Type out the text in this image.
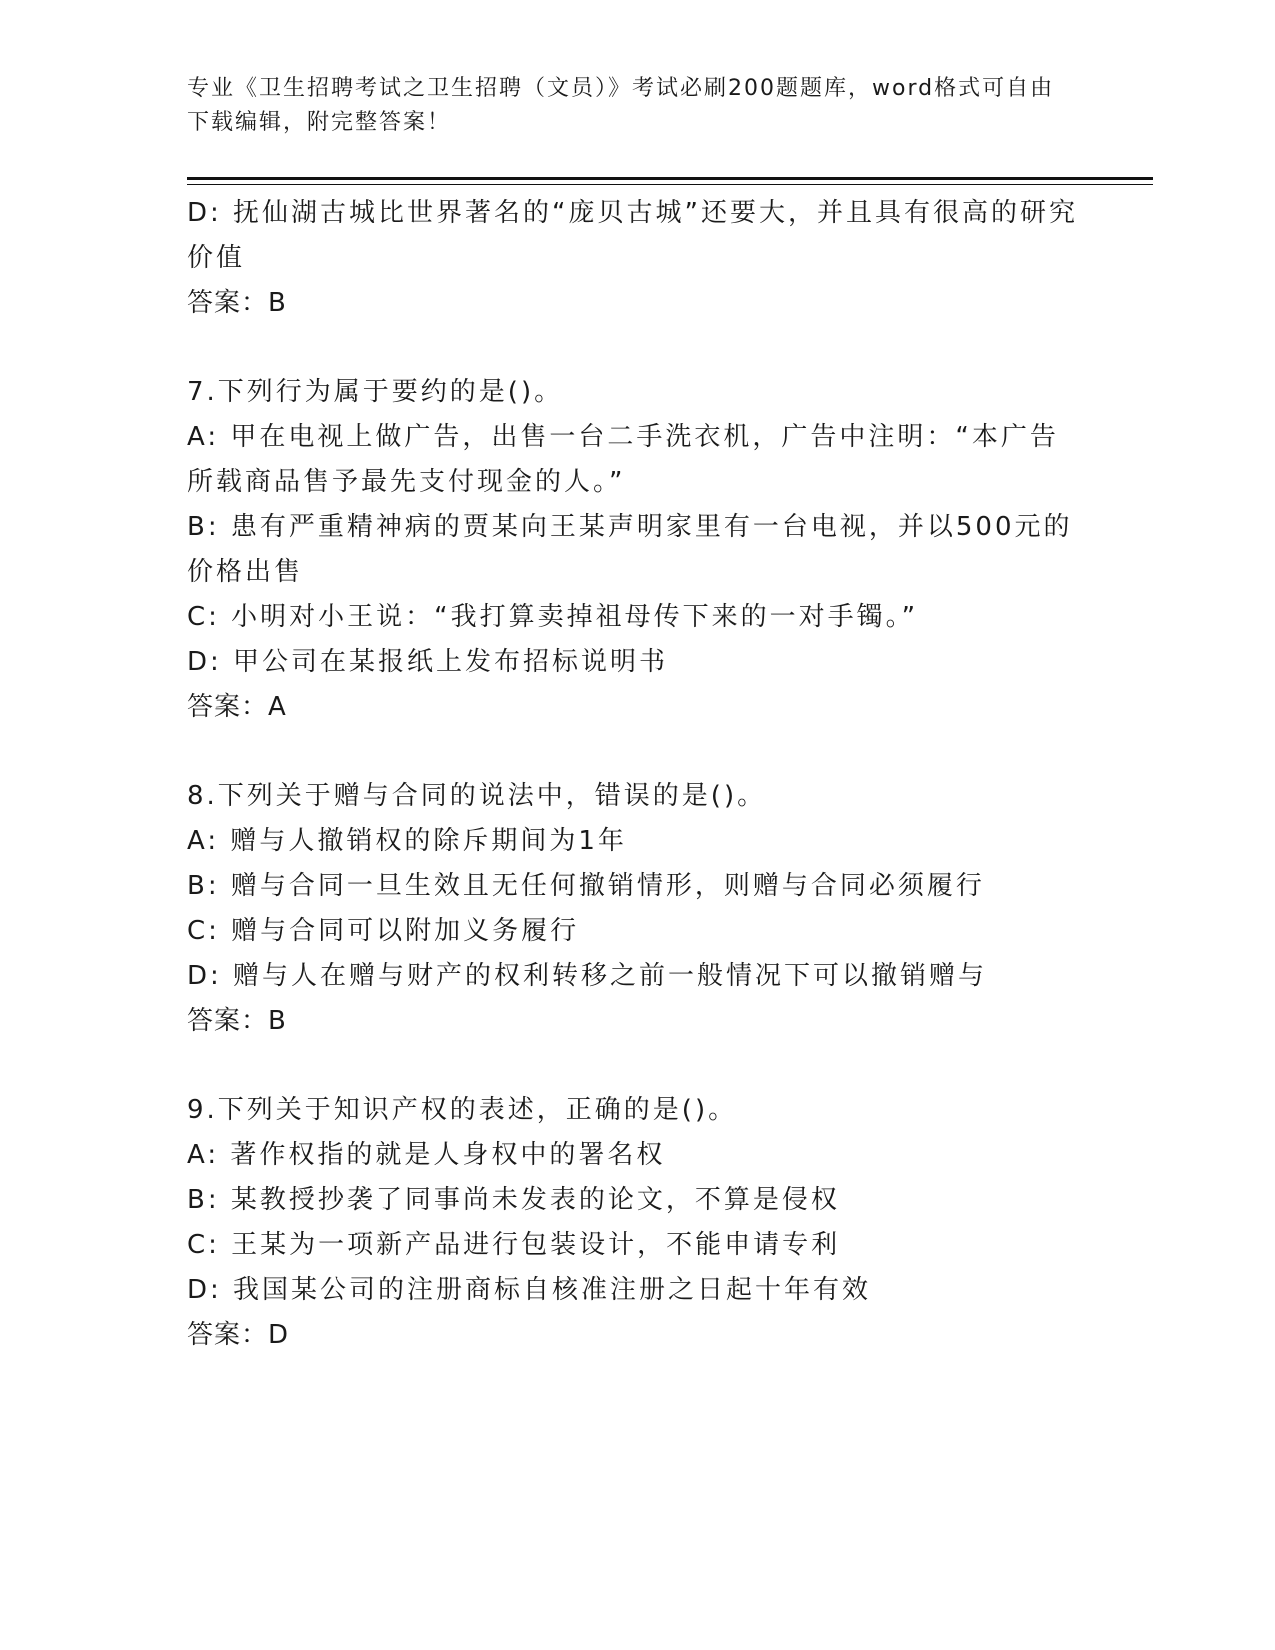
专业《卫生招聘考试之卫生招聘（文员）》考试必刷200题题库，word格式可自由下载编辑，附完整答案！
D: 抚仙湖古城比世界著名的“庞贝古城”还要大，并且具有很高的研究价值
答案：B
7.下列行为属于要约的是()。
A: 甲在电视上做广告，出售一台二手洗衣机，广告中注明：“本广告所载商品售予最先支付现金的人。”
B: 患有严重精神病的贾某向王某声明家里有一台电视，并以500元的价格出售
C: 小明对小王说：“我打算卖掉祖母传下来的一对手镯。”
D: 甲公司在某报纸上发布招标说明书
答案：A
8.下列关于赠与合同的说法中，错误的是()。
A: 赠与人撤销权的除斥期间为1年
B: 赠与合同一旦生效且无任何撤销情形，则赠与合同必须履行
C: 赠与合同可以附加义务履行
D: 赠与人在赠与财产的权利转移之前一般情况下可以撤销赠与
答案：B
9.下列关于知识产权的表述，正确的是()。
A: 著作权指的就是人身权中的署名权
B: 某教授抄袭了同事尚未发表的论文，不算是侵权
C: 王某为一项新产品进行包装设计，不能申请专利
D: 我国某公司的注册商标自核准注册之日起十年有效
答案：D
